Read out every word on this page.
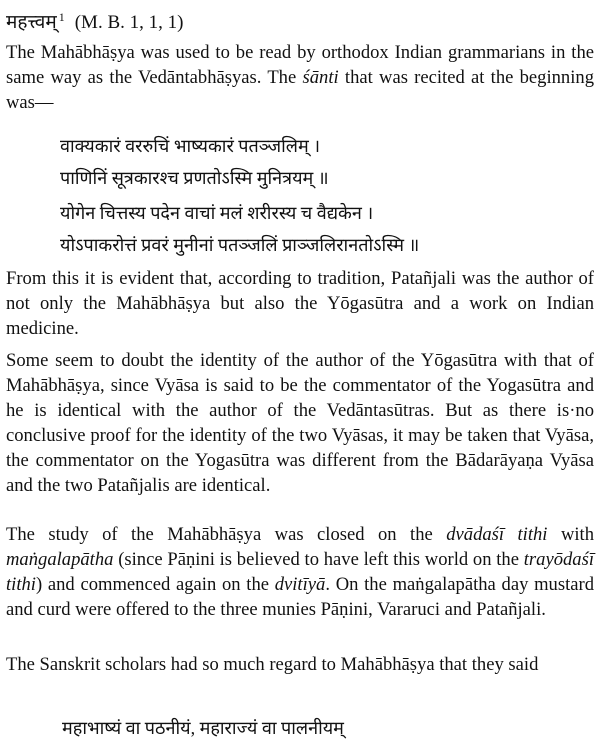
महत्त्वम् $^1$ (M. B. 1, 1, 1)
The Mahābhāṣya was used to be read by orthodox Indian grammarians in the same way as the Vedāntabhāṣyas. The śānti that was recited at the beginning was—
वाक्यकारं वररुचिं भाष्यकारं पतञ्जलिम् ।
पाणिनिं सूत्रकारश्च प्रणतोऽस्मि मुनित्रयम् ॥
योगेन चित्तस्य पदेन वाचां मलं शरीरस्य च वैद्यकेन ।
योऽपाकरोत्तं प्रवरं मुनीनां पतञ्जलिं प्राञ्जलिरानतोऽस्मि ॥
From this it is evident that, according to tradition, Patañjali was the author of not only the Mahābhāṣya but also the Yōgasūtra and a work on Indian medicine.
Some seem to doubt the identity of the author of the Yōgasūtra with that of Mahābhāṣya, since Vyāsa is said to be the commentator of the Yogasūtra and he is identical with the author of the Vedāntasūtras. But as there is·no conclusive proof for the identity of the two Vyāsas, it may be taken that Vyāsa, the commentator on the Yogasūtra was different from the Bādarāyaṇa Vyāsa and the two Patañjalis are identical.
The study of the Mahābhāṣya was closed on the dvādaśī tithi with maṅgalapātha (since Pāṇini is believed to have left this world on the trayōdaśī tithi) and commenced again on the dvitīyā. On the maṅgalapātha day mustard and curd were offered to the three munies Pāṇini, Vararuci and Patañjali.
The Sanskrit scholars had so much regard to Mahābhāṣya that they said
महाभाष्यं वा पठनीयं, महाराज्यं वा पालनीयम्
